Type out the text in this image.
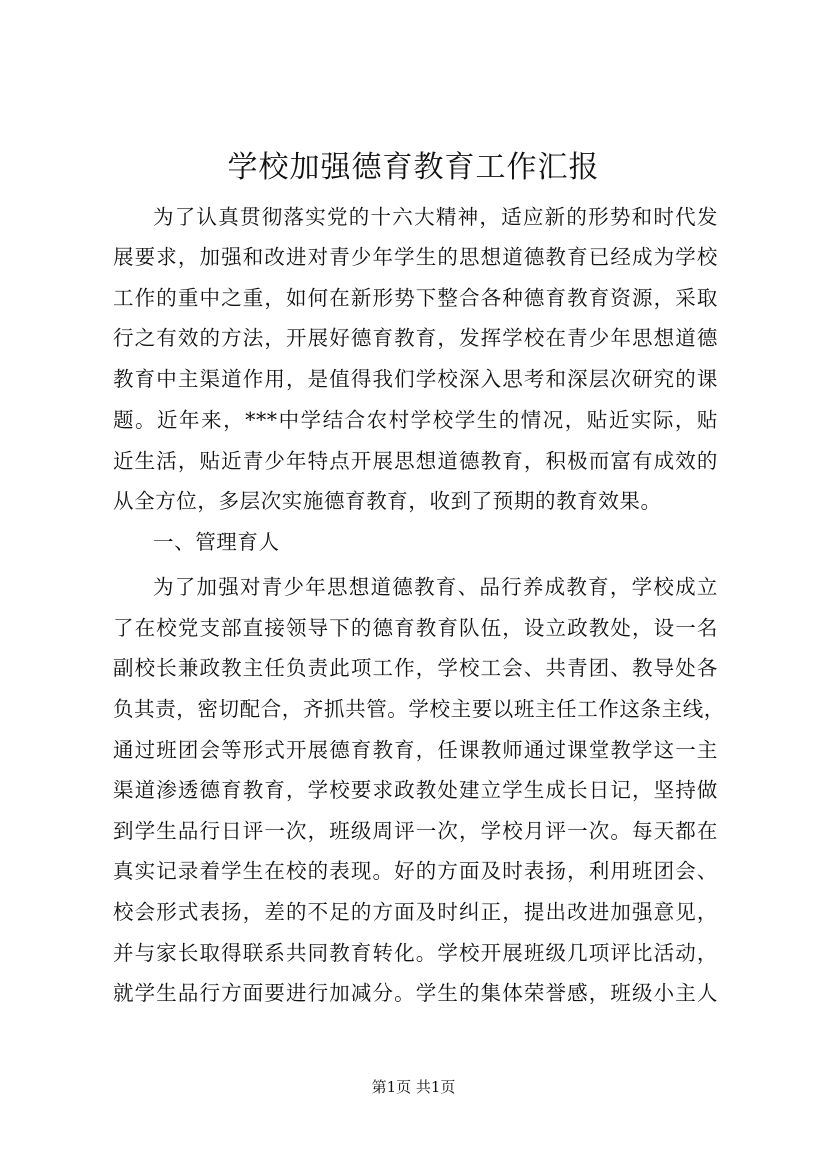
学校加强德育教育工作汇报
为了认真贯彻落实党的十六大精神，适应新的形势和时代发
展要求，加强和改进对青少年学生的思想道德教育已经成为学校
工作的重中之重，如何在新形势下整合各种德育教育资源，采取
行之有效的方法，开展好德育教育，发挥学校在青少年思想道德
教育中主渠道作用，是值得我们学校深入思考和深层次研究的课
题。近年来，***中学结合农村学校学生的情况，贴近实际，贴
近生活，贴近青少年特点开展思想道德教育，积极而富有成效的
从全方位，多层次实施德育教育，收到了预期的教育效果。
一、管理育人
为了加强对青少年思想道德教育、品行养成教育，学校成立
了在校党支部直接领导下的德育教育队伍，设立政教处，设一名
副校长兼政教主任负责此项工作，学校工会、共青团、教导处各
负其责，密切配合，齐抓共管。学校主要以班主任工作这条主线，
通过班团会等形式开展德育教育，任课教师通过课堂教学这一主
渠道渗透德育教育，学校要求政教处建立学生成长日记，坚持做
到学生品行日评一次，班级周评一次，学校月评一次。每天都在
真实记录着学生在校的表现。好的方面及时表扬，利用班团会、
校会形式表扬，差的不足的方面及时纠正，提出改进加强意见，
并与家长取得联系共同教育转化。学校开展班级几项评比活动，
就学生品行方面要进行加减分。学生的集体荣誉感，班级小主人
第1页 共1页
